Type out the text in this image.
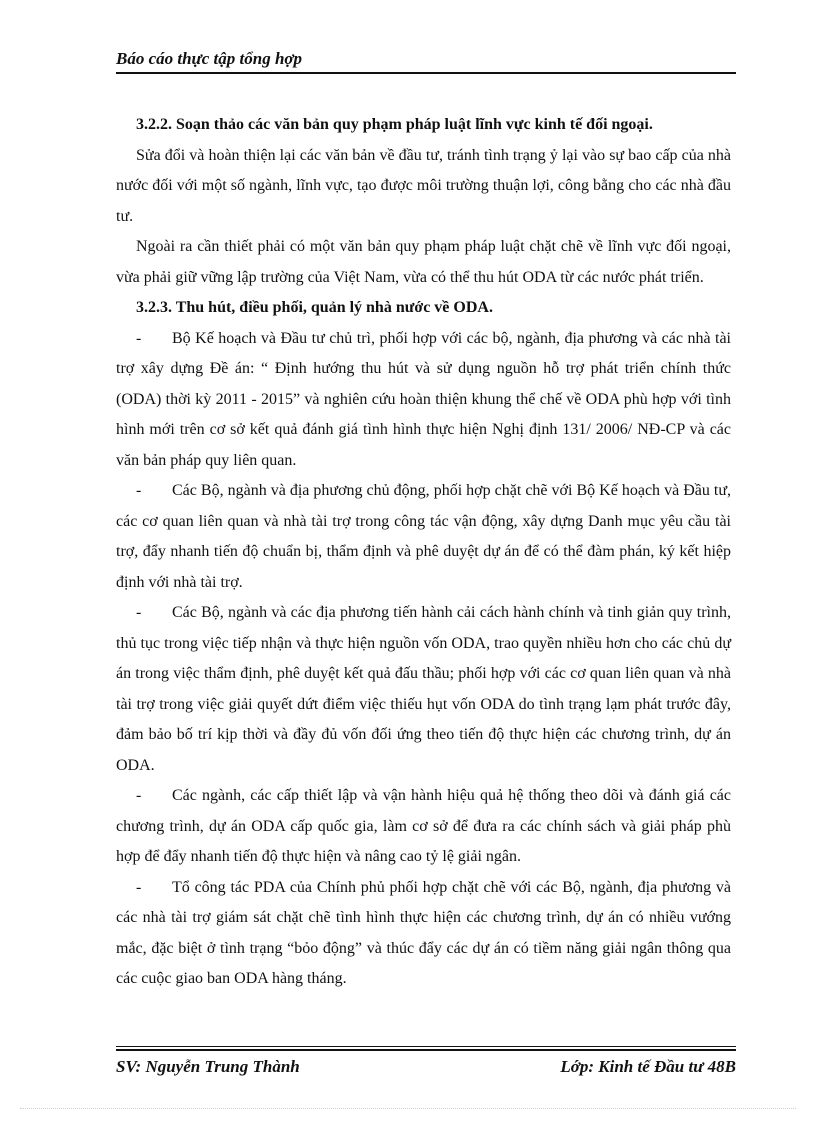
Báo cáo thực tập tổng hợp

3.2.2. Soạn thảo các văn bản quy phạm pháp luật lĩnh vực kinh tế đối ngoại.

Sửa đổi và hoàn thiện lại các văn bản về đầu tư, tránh tình trạng ỷ lại vào sự bao cấp của nhà nước đối với một số ngành, lĩnh vực, tạo được môi trường thuận lợi, công bằng cho các nhà đầu tư.

Ngoài ra cần thiết phải có một văn bản quy phạm pháp luật chặt chẽ về lĩnh vực đối ngoại, vừa phải giữ vững lập trường của Việt Nam, vừa có thể thu hút ODA từ các nước phát triển.

3.2.3. Thu hút, điều phối, quản lý nhà nước về ODA.

- Bộ Kế hoạch và Đầu tư chủ trì, phối hợp với các bộ, ngành, địa phương và các nhà tài trợ xây dựng Đề án: “ Định hướng thu hút và sử dụng nguồn hỗ trợ phát triển chính thức (ODA) thời kỳ 2011 - 2015” và nghiên cứu hoàn thiện khung thể chế về ODA phù hợp với tình hình mới trên cơ sở kết quả đánh giá tình hình thực hiện Nghị định 131/ 2006/ NĐ-CP và các văn bản pháp quy liên quan.

- Các Bộ, ngành và địa phương chủ động, phối hợp chặt chẽ với Bộ Kế hoạch và Đầu tư, các cơ quan liên quan và nhà tài trợ trong công tác vận động, xây dựng Danh mục yêu cầu tài trợ, đẩy nhanh tiến độ chuẩn bị, thẩm định và phê duyệt dự án để có thể đàm phán, ký kết hiệp định với nhà tài trợ.

- Các Bộ, ngành và các địa phương tiến hành cải cách hành chính và tinh giản quy trình, thủ tục trong việc tiếp nhận và thực hiện nguồn vốn ODA, trao quyền nhiều hơn cho các chủ dự án trong việc thẩm định, phê duyệt kết quả đấu thầu; phối hợp với các cơ quan liên quan và nhà tài trợ trong việc giải quyết dứt điểm việc thiếu hụt vốn ODA do tình trạng lạm phát trước đây, đảm bảo bố trí kịp thời và đầy đủ vốn đối ứng theo tiến độ thực hiện các chương trình, dự án ODA.

- Các ngành, các cấp thiết lập và vận hành hiệu quả hệ thống theo dõi và đánh giá các chương trình, dự án ODA cấp quốc gia, làm cơ sở để đưa ra các chính sách và giải pháp phù hợp để đẩy nhanh tiến độ thực hiện và nâng cao tỷ lệ giải ngân.

- Tổ công tác PDA của Chính phủ phối hợp chặt chẽ với các Bộ, ngành, địa phương và các nhà tài trợ giám sát chặt chẽ tình hình thực hiện các chương trình, dự án có nhiều vướng mắc, đặc biệt ở tình trạng “bỏo động” và thúc đẩy các dự án có tiềm năng giải ngân thông qua các cuộc giao ban ODA hàng tháng.

SV: Nguyễn Trung Thành	Lớp: Kinh tế Đầu tư 48B
